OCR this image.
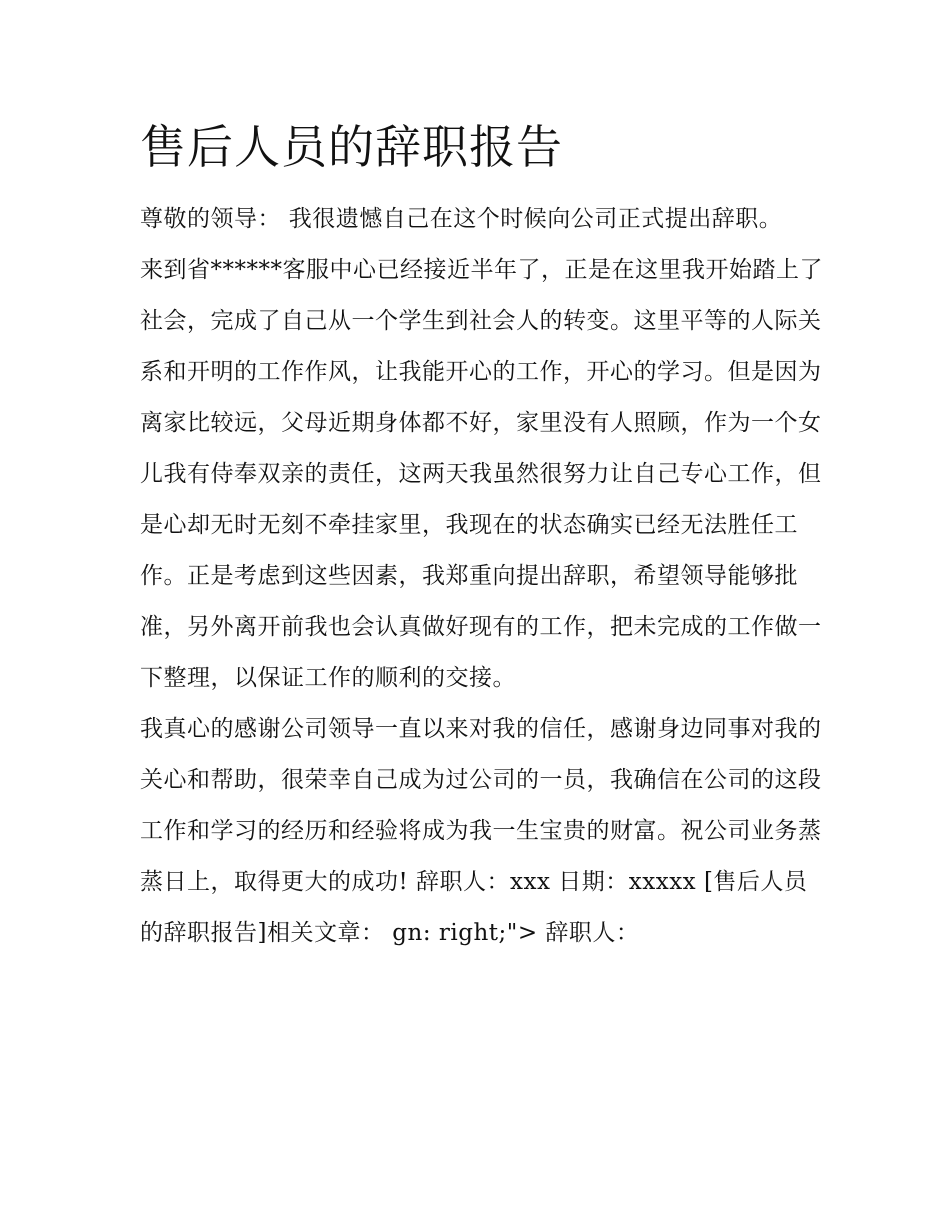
售后人员的辞职报告

尊敬的领导： 我很遗憾自己在这个时候向公司正式提出辞职。

来到省******客服中心已经接近半年了，正是在这里我开始踏上了社会，完成了自己从一个学生到社会人的转变。这里平等的人际关系和开明的工作作风，让我能开心的工作，开心的学习。但是因为离家比较远，父母近期身体都不好，家里没有人照顾，作为一个女儿我有侍奉双亲的责任，这两天我虽然很努力让自己专心工作，但是心却无时无刻不牵挂家里，我现在的状态确实已经无法胜任工作。正是考虑到这些因素，我郑重向提出辞职，希望领导能够批准，另外离开前我也会认真做好现有的工作，把未完成的工作做一下整理，以保证工作的顺利的交接。

我真心的感谢公司领导一直以来对我的信任，感谢身边同事对我的关心和帮助，很荣幸自己成为过公司的一员，我确信在公司的这段工作和学习的经历和经验将成为我一生宝贵的财富。祝公司业务蒸蒸日上，取得更大的成功! 辞职人：xxx 日期：xxxxx [售后人员的辞职报告]相关文章： gn: right;"> 辞职人：
